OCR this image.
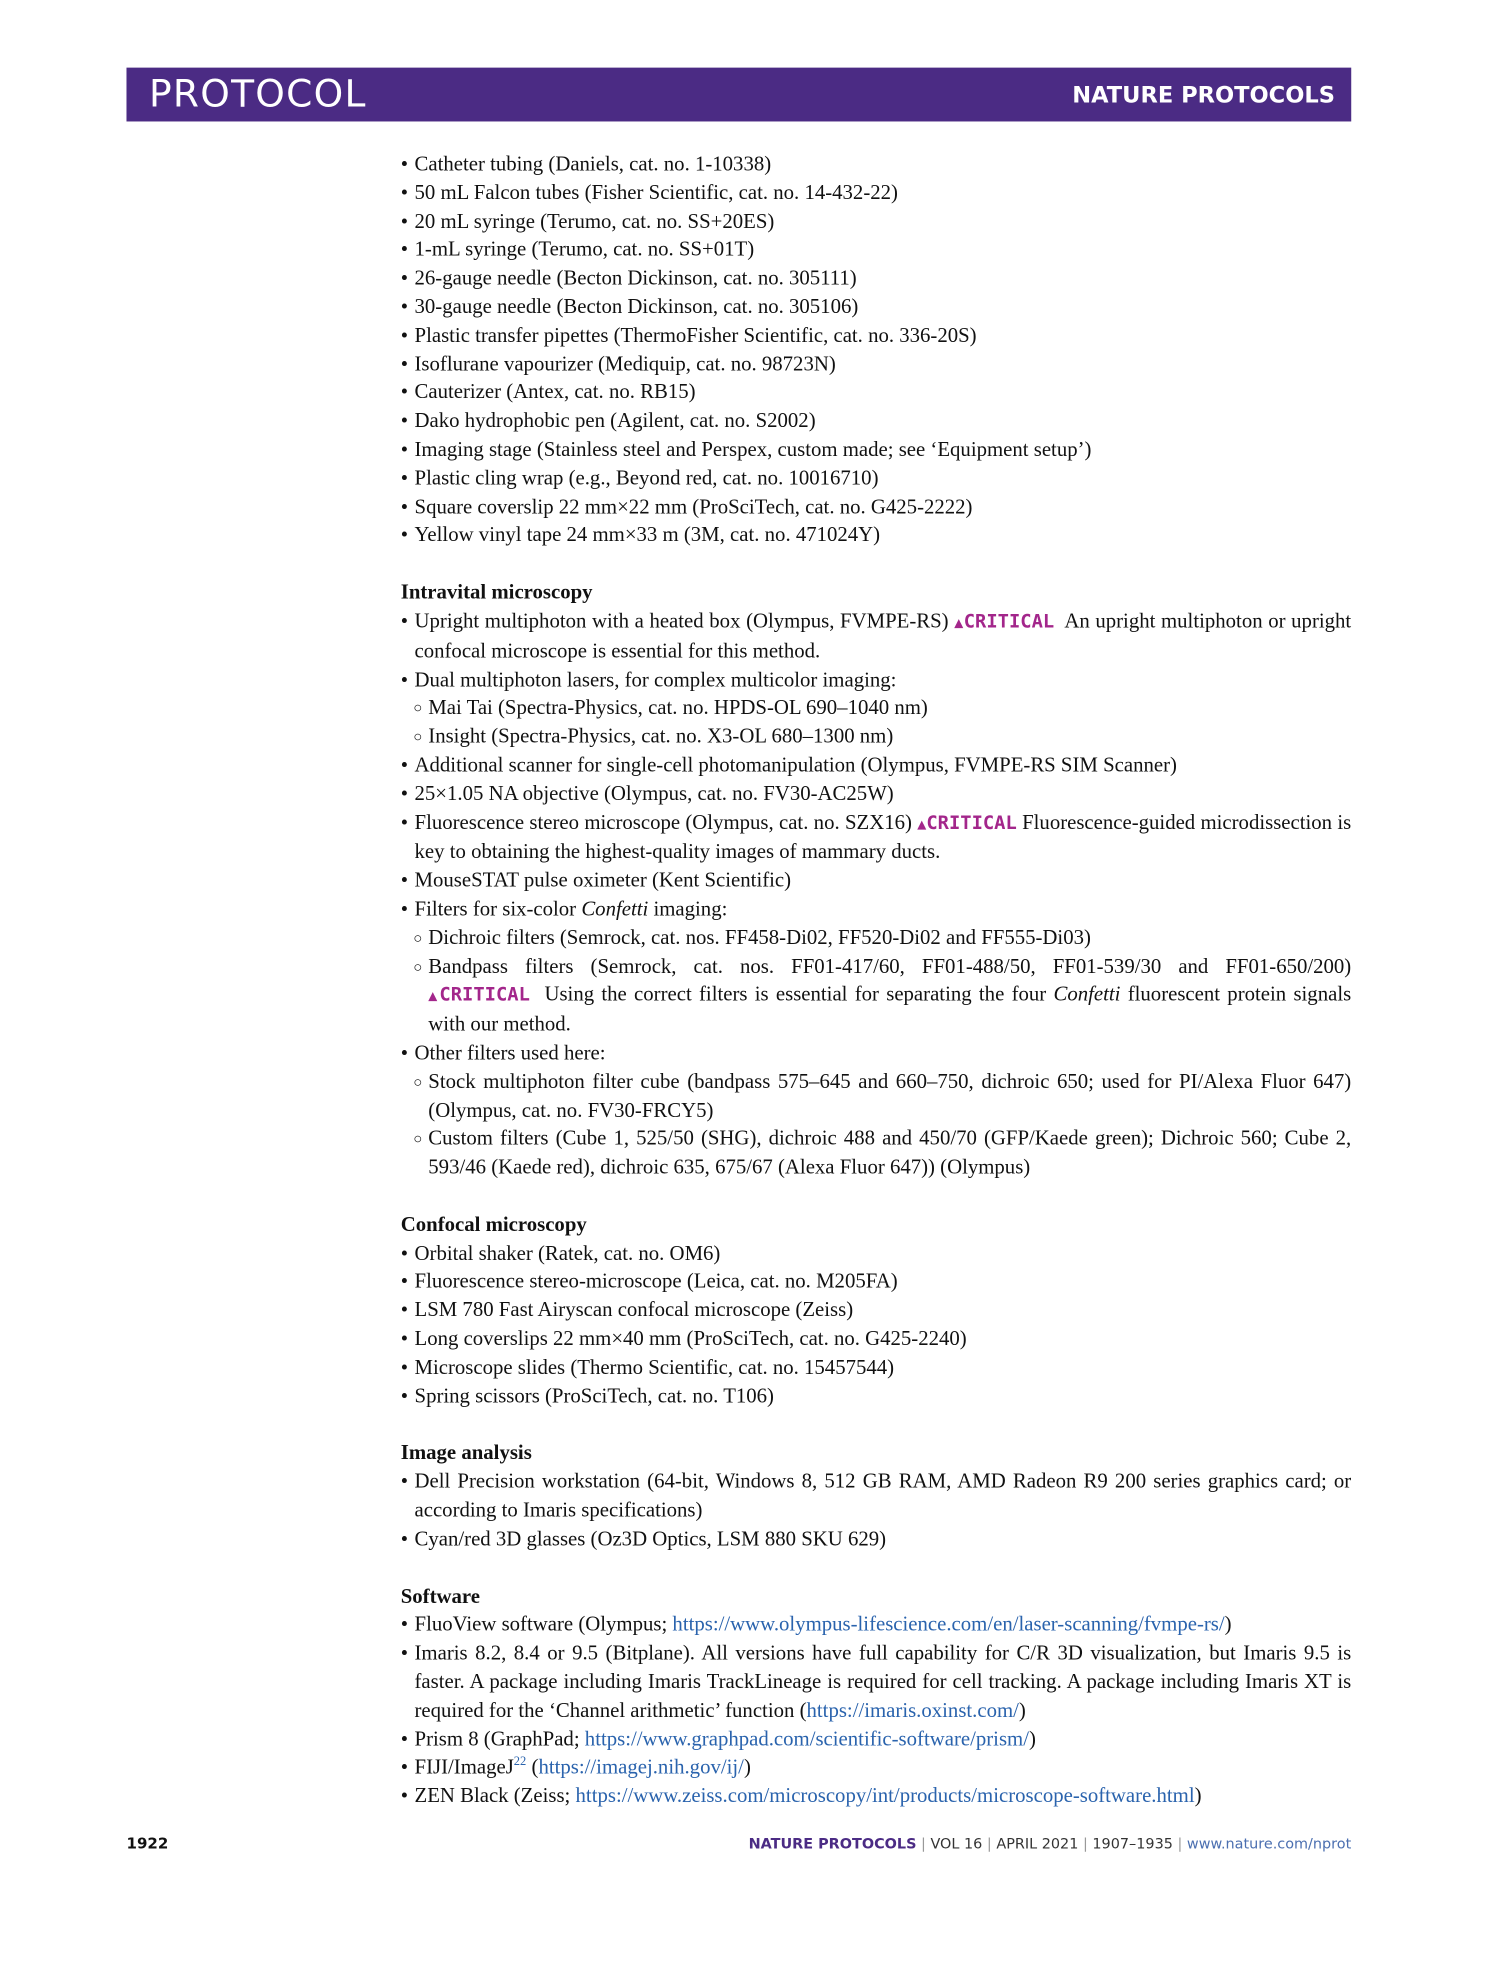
PROTOCOL	NATURE PROTOCOLS
• Catheter tubing (Daniels, cat. no. 1-10338)
• 50 mL Falcon tubes (Fisher Scientific, cat. no. 14-432-22)
• 20 mL syringe (Terumo, cat. no. SS+20ES)
• 1-mL syringe (Terumo, cat. no. SS+01T)
• 26-gauge needle (Becton Dickinson, cat. no. 305111)
• 30-gauge needle (Becton Dickinson, cat. no. 305106)
• Plastic transfer pipettes (ThermoFisher Scientific, cat. no. 336-20S)
• Isoflurane vapourizer (Mediquip, cat. no. 98723N)
• Cauterizer (Antex, cat. no. RB15)
• Dako hydrophobic pen (Agilent, cat. no. S2002)
• Imaging stage (Stainless steel and Perspex, custom made; see ‘Equipment setup’)
• Plastic cling wrap (e.g., Beyond red, cat. no. 10016710)
• Square coverslip 22 mm×22 mm (ProSciTech, cat. no. G425-2222)
• Yellow vinyl tape 24 mm×33 m (3M, cat. no. 471024Y)
Intravital microscopy
• Upright multiphoton with a heated box (Olympus, FVMPE-RS) ▲CRITICAL An upright multiphoton or upright confocal microscope is essential for this method.
• Dual multiphoton lasers, for complex multicolor imaging:
○ Mai Tai (Spectra-Physics, cat. no. HPDS-OL 690–1040 nm)
○ Insight (Spectra-Physics, cat. no. X3-OL 680–1300 nm)
• Additional scanner for single-cell photomanipulation (Olympus, FVMPE-RS SIM Scanner)
• 25×1.05 NA objective (Olympus, cat. no. FV30-AC25W)
• Fluorescence stereo microscope (Olympus, cat. no. SZX16) ▲CRITICAL Fluorescence-guided microdissection is key to obtaining the highest-quality images of mammary ducts.
• MouseSTAT pulse oximeter (Kent Scientific)
• Filters for six-color Confetti imaging:
○ Dichroic filters (Semrock, cat. nos. FF458-Di02, FF520-Di02 and FF555-Di03)
○ Bandpass filters (Semrock, cat. nos. FF01-417/60, FF01-488/50, FF01-539/30 and FF01-650/200) ▲CRITICAL Using the correct filters is essential for separating the four Confetti fluorescent protein signals with our method.
• Other filters used here:
○ Stock multiphoton filter cube (bandpass 575–645 and 660–750, dichroic 650; used for PI/Alexa Fluor 647) (Olympus, cat. no. FV30-FRCY5)
○ Custom filters (Cube 1, 525/50 (SHG), dichroic 488 and 450/70 (GFP/Kaede green); Dichroic 560; Cube 2, 593/46 (Kaede red), dichroic 635, 675/67 (Alexa Fluor 647)) (Olympus)
Confocal microscopy
• Orbital shaker (Ratek, cat. no. OM6)
• Fluorescence stereo-microscope (Leica, cat. no. M205FA)
• LSM 780 Fast Airyscan confocal microscope (Zeiss)
• Long coverslips 22 mm×40 mm (ProSciTech, cat. no. G425-2240)
• Microscope slides (Thermo Scientific, cat. no. 15457544)
• Spring scissors (ProSciTech, cat. no. T106)
Image analysis
• Dell Precision workstation (64-bit, Windows 8, 512 GB RAM, AMD Radeon R9 200 series graphics card; or according to Imaris specifications)
• Cyan/red 3D glasses (Oz3D Optics, LSM 880 SKU 629)
Software
• FluoView software (Olympus; https://www.olympus-lifescience.com/en/laser-scanning/fvmpe-rs/)
• Imaris 8.2, 8.4 or 9.5 (Bitplane). All versions have full capability for C/R 3D visualization, but Imaris 9.5 is faster. A package including Imaris TrackLineage is required for cell tracking. A package including Imaris XT is required for the ‘Channel arithmetic’ function (https://imaris.oxinst.com/)
• Prism 8 (GraphPad; https://www.graphpad.com/scientific-software/prism/)
• FIJI/ImageJ$^{22}$ (https://imagej.nih.gov/ij/)
• ZEN Black (Zeiss; https://www.zeiss.com/microscopy/int/products/microscope-software.html)
1922	NATURE PROTOCOLS | VOL 16 | APRIL 2021 | 1907–1935 | www.nature.com/nprot
